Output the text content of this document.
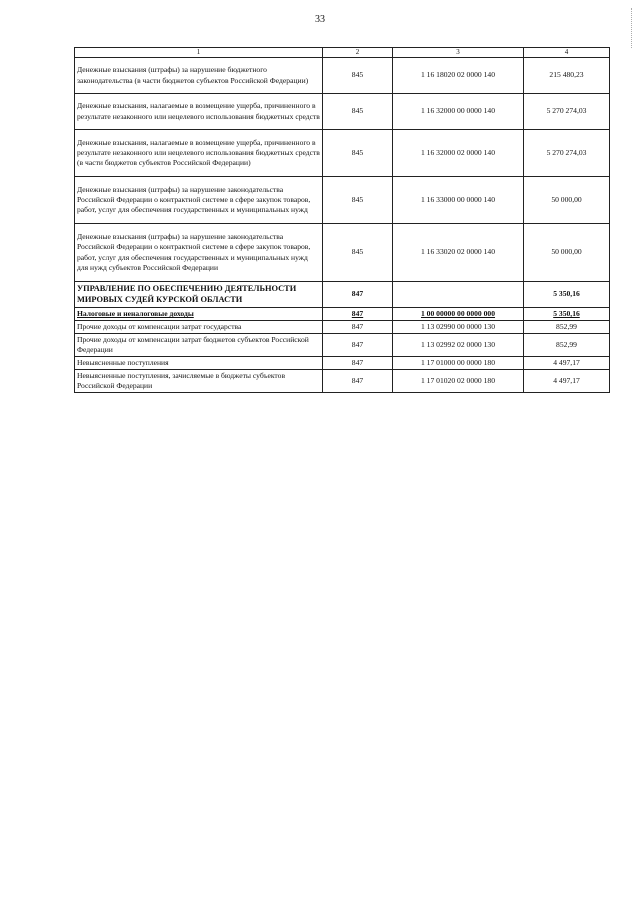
33
1	2	3	4
Денежные взыскания (штрафы) за нарушение бюджетного законодательства (в части бюджетов субъектов Российской Федерации)	845	1 16 18020 02 0000 140	215 480,23
Денежные взыскания, налагаемые в возмещение ущерба, причиненного в результате незаконного или нецелевого использования бюджетных средств	845	1 16 32000 00 0000 140	5 270 274,03
Денежные взыскания, налагаемые в возмещение ущерба, причиненного в результате незаконного или нецелевого использования бюджетных средств (в части бюджетов субъектов Российской Федерации)	845	1 16 32000 02 0000 140	5 270 274,03
Денежные взыскания (штрафы) за нарушение законодательства Российской Федерации о контрактной системе в сфере закупок товаров, работ, услуг для обеспечения государственных и муниципальных нужд	845	1 16 33000 00 0000 140	50 000,00
Денежные взыскания (штрафы) за нарушение законодательства Российской Федерации о контрактной системе в сфере закупок товаров, работ, услуг для обеспечения государственных и муниципальных нужд для нужд субъектов Российской Федерации	845	1 16 33020 02 0000 140	50 000,00
УПРАВЛЕНИЕ ПО ОБЕСПЕЧЕНИЮ ДЕЯТЕЛЬНОСТИ МИРОВЫХ СУДЕЙ КУРСКОЙ ОБЛАСТИ	847		5 350,16
Налоговые и неналоговые доходы	847	1 00 00000 00 0000 000	5 350,16
Прочие доходы от компенсации затрат государства	847	1 13 02990 00 0000 130	852,99
Прочие доходы от компенсации затрат бюджетов субъектов Российской Федерации	847	1 13 02992 02 0000 130	852,99
Невыясненные поступления	847	1 17 01000 00 0000 180	4 497,17
Невыясненные поступления, зачисляемые в бюджеты субъектов Российской Федерации	847	1 17 01020 02 0000 180	4 497,17
